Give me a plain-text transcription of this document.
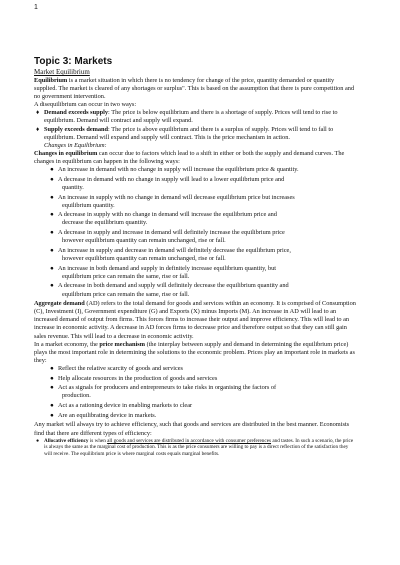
1

Topic 3: Markets

Market Equilibrium

Equilibrium is a market situation in which there is no tendency for change of the price, quantity demanded or quantity supplied. The market is cleared of any shortages or surplus". This is based on the assumption that there is pure competition and no government intervention.

A disequilibrium can occur in two ways:

♦ Demand exceeds supply: The price is below equilibrium and there is a shortage of supply. Prices will tend to rise to equilibrium. Demand will contract and supply will expand.

♦ Supply exceeds demand: The price is above equilibrium and there is a surplus of supply. Prices will tend to fall to equilibrium. Demand will expand and supply will contract. This is the price mechanism in action.

Changes in Equilibrium:

Changes in equilibrium can occur due to factors which lead to a shift in either or both the supply and demand curves. The changes in equilibrium can happen in the following ways:

● An increase in demand with no change in supply will increase the equilibrium price & quantity.

● A decrease in demand with no change in supply will lead to a lower equilibrium price and
quantity.

● An increase in supply with no change in demand will decrease equilibrium price but increases
equilibrium quantity.

● A decrease in supply with no change in demand will increase the equilibrium price and
decrease the equilibrium quantity.

● A decrease in supply and increase in demand will definitely increase the equilibrium price
however equilibrium quantity can remain unchanged, rise or fall.

● An increase in supply and decrease in demand will definitely decrease the equilibrium price,
however equilibrium quantity can remain unchanged, rise or fall.

● An increase in both demand and supply in definitely increase equilibrium quantity, but
equilibrium price can remain the same, rise or fall.

● A decrease in both demand and supply will definitely decrease the equilibrium quantity and
equilibrium price can remain the same, rise or fall.

Aggregate demand (AD) refers to the total demand for goods and services within an economy. It is comprised of Consumption (C), Investment (I), Government expenditure (G) and Exports (X) minus Imports (M). An increase in AD will lead to an increased demand of output from firms. This forces firms to increase their output and improve efficiency. This will lead to an increase in economic activity. A decrease in AD forces firms to decrease price and therefore output so that they can still gain sales revenue. This will lead to a decrease in economic activity.

In a market economy, the price mechanism (the interplay between supply and demand in determining the equilibrium price) plays the most important role in determining the solutions to the economic problem. Prices play an important role in markets as they:

● Reflect the relative scarcity of goods and services

● Help allocate resources in the production of goods and services

● Act as signals for producers and entrepreneurs to take risks in organising the factors of
production.

● Act as a rationing device in enabling markets to clear

● Are an equilibrating device in markets.

Any market will always try to achieve efficiency, such that goods and services are distributed in the best manner. Economists find that there are different types of efficiency:

● Allocative efficiency is when all goods and services are distributed in accordance with consumer preferences and tastes. In such a scenario, the price is always the same as the marginal cost of production. This is as the price consumers are willing to pay is a direct reflection of the satisfaction they will receive. The equilibrium price is where marginal costs equals marginal benefits.
